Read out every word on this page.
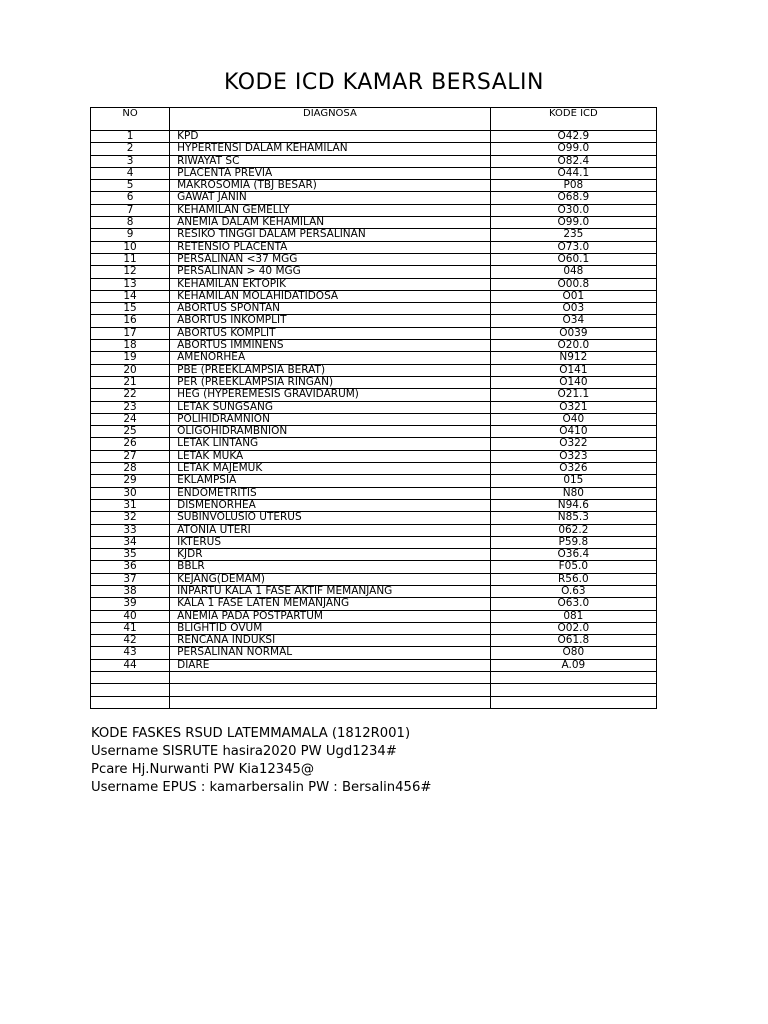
KODE ICD KAMAR BERSALIN
NO	DIAGNOSA	KODE ICD
1	KPD	O42.9
2	HYPERTENSI DALAM KEHAMILAN	O99.0
3	RIWAYAT SC	O82.4
4	PLACENTA PREVIA	O44.1
5	MAKROSOMIA (TBJ BESAR)	P08
6	GAWAT JANIN	O68.9
7	KEHAMILAN GEMELLY	O30.0
8	ANEMIA DALAM KEHAMILAN	O99.0
9	RESIKO TINGGI DALAM PERSALINAN	235
10	RETENSIO PLACENTA	O73.0
11	PERSALINAN <37 MGG	O60.1
12	PERSALINAN > 40 MGG	048
13	KEHAMILAN EKTOPIK	O00.8
14	KEHAMILAN MOLAHIDATIDOSA	O01
15	ABORTUS SPONTAN	O03
16	ABORTUS INKOMPLIT	O34
17	ABORTUS KOMPLIT	O039
18	ABORTUS IMMINENS	O20.0
19	AMENORHEA	N912
20	PBE (PREEKLAMPSIA BERAT)	O141
21	PER (PREEKLAMPSIA RINGAN)	O140
22	HEG (HYPEREMESIS GRAVIDARUM)	O21.1
23	LETAK SUNGSANG	O321
24	POLIHIDRAMNION	O40
25	OLIGOHIDRAMBNION	O410
26	LETAK LINTANG	O322
27	LETAK MUKA	O323
28	LETAK MAJEMUK	O326
29	EKLAMPSIA	015
30	ENDOMETRITIS	N80
31	DISMENORHEA	N94.6
32	SUBINVOLUSIO UTERUS	N85.3
33	ATONIA UTERI	062.2
34	IKTERUS	P59.8
35	KJDR	O36.4
36	BBLR	F05.0
37	KEJANG(DEMAM)	R56.0
38	INPARTU KALA 1 FASE AKTIF MEMANJANG	O.63
39	KALA 1 FASE LATEN MEMANJANG	O63.0
40	ANEMIA PADA POSTPARTUM	081
41	BLIGHTID OVUM	O02.0
42	RENCANA INDUKSI	O61.8
43	PERSALINAN NORMAL	O80
44	DIARE	A.09

KODE FASKES RSUD LATEMMAMALA (1812R001)
Username SISRUTE hasira2020 PW Ugd1234#
Pcare Hj.Nurwanti PW Kia12345@
Username EPUS : kamarbersalin PW : Bersalin456#
